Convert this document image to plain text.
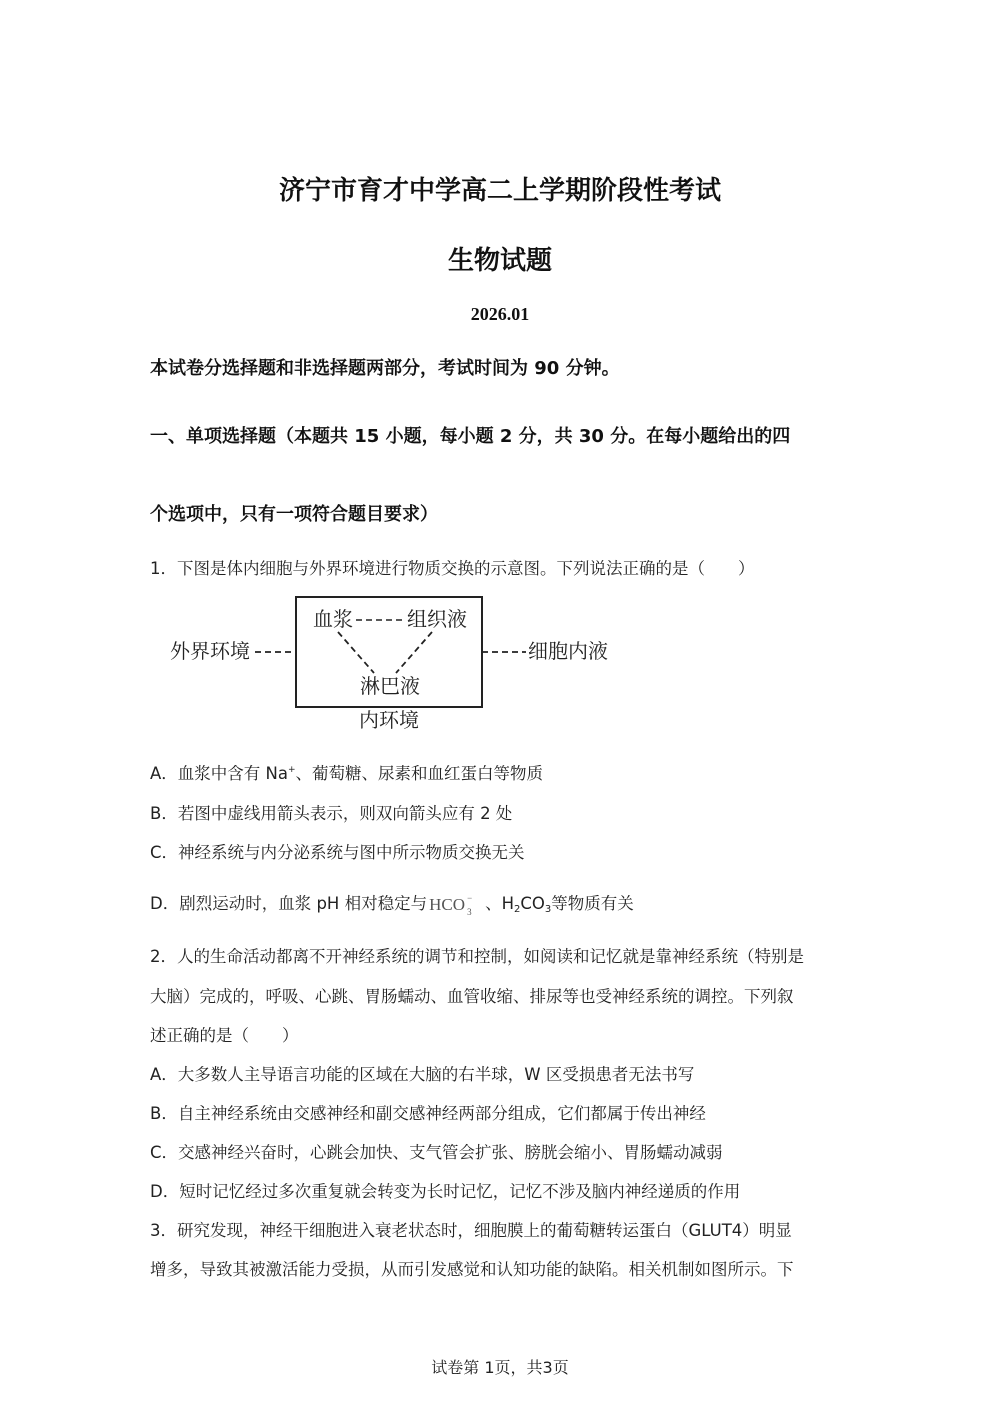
济宁市育才中学高二上学期阶段性考试
生物试题
2026.01
本试卷分选择题和非选择题两部分，考试时间为 90 分钟。
一、单项选择题（本题共 15 小题，每小题 2 分，共 30 分。在每小题给出的四
个选项中，只有一项符合题目要求）
1．下图是体内细胞与外界环境进行物质交换的示意图。下列说法正确的是（　　）
外界环境
血浆	组织液
淋巴液
细胞内液
内环境
A．血浆中含有 Na+、葡萄糖、尿素和血红蛋白等物质
B．若图中虚线用箭头表示，则双向箭头应有 2 处
C．神经系统与内分泌系统与图中所示物质交换无关
D．剧烈运动时，血浆 pH 相对稳定与 HCO −
3 、$H_2CO_3$等物质有关
2．人的生命活动都离不开神经系统的调节和控制，如阅读和记忆就是靠神经系统（特别是
大脑）完成的，呼吸、心跳、胃肠蠕动、血管收缩、排尿等也受神经系统的调控。下列叙
述正确的是（　　）
A．大多数人主导语言功能的区域在大脑的右半球，W 区受损患者无法书写
B．自主神经系统由交感神经和副交感神经两部分组成，它们都属于传出神经
C．交感神经兴奋时，心跳会加快、支气管会扩张、膀胱会缩小、胃肠蠕动减弱
D．短时记忆经过多次重复就会转变为长时记忆，记忆不涉及脑内神经递质的作用
3．研究发现，神经干细胞进入衰老状态时，细胞膜上的葡萄糖转运蛋白（GLUT4）明显
增多，导致其被激活能力受损，从而引发感觉和认知功能的缺陷。相关机制如图所示。下
试卷第 1页，共3页
